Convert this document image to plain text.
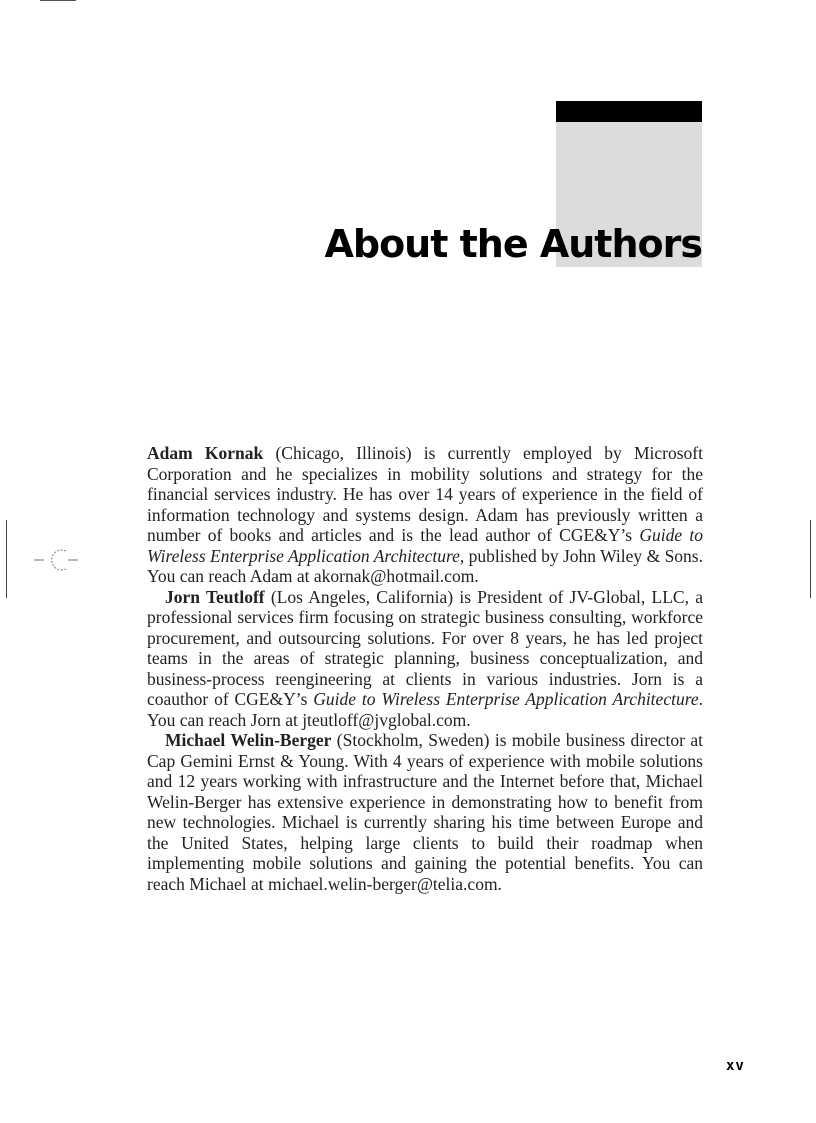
About the Authors

Adam Kornak (Chicago, Illinois) is currently employed by Microsoft Corporation and he specializes in mobility solutions and strategy for the financial services industry. He has over 14 years of experience in the field of information technology and systems design. Adam has previously written a number of books and articles and is the lead author of CGE&Y’s Guide to Wireless Enterprise Application Architecture, published by John Wiley & Sons. You can reach Adam at akornak@hotmail.com.

Jorn Teutloff (Los Angeles, California) is President of JV-Global, LLC, a professional services firm focusing on strategic business consulting, workforce procurement, and outsourcing solutions. For over 8 years, he has led project teams in the areas of strategic planning, business conceptualization, and business-process reengineering at clients in various industries. Jorn is a coauthor of CGE&Y’s Guide to Wireless Enterprise Application Architecture. You can reach Jorn at jteutloff@jvglobal.com.

Michael Welin-Berger (Stockholm, Sweden) is mobile business director at Cap Gemini Ernst & Young. With 4 years of experience with mobile solutions and 12 years working with infrastructure and the Internet before that, Michael Welin-Berger has extensive experience in demonstrating how to benefit from new technologies. Michael is currently sharing his time between Europe and the United States, helping large clients to build their roadmap when implementing mobile solutions and gaining the potential benefits. You can reach Michael at michael.welin-berger@telia.com.

xv
